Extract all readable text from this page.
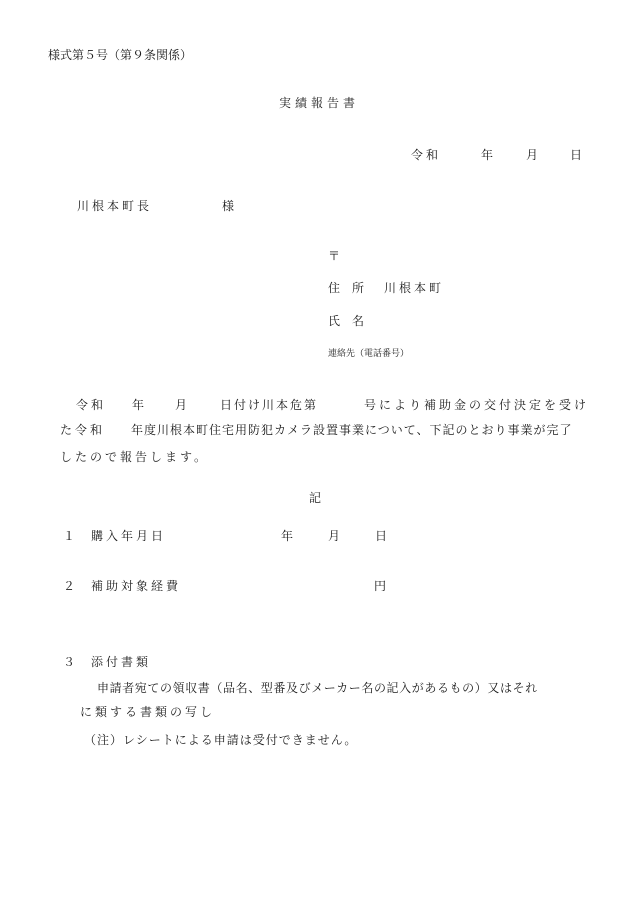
様式第５号（第９条関係）
実績報告書
令和	年	月	日
川根本町長	様
〒
住　所 川根本町
氏　名
連絡先（電話番号）
令和 年	月	日付け川本危第	号により補助金の交付決定を受け
た令和 年度川根本町住宅用防犯カメラ設置事業について、下記のとおり事業が完了
したので報告します。
記
１ 購入年月日	年	月	日
２ 補助対象経費	円
３ 添付書類
申請者宛ての領収書（品名、型番及びメーカー名の記入があるもの）又はそれ
に類する書類の写し
（注）レシートによる申請は受付できません。
